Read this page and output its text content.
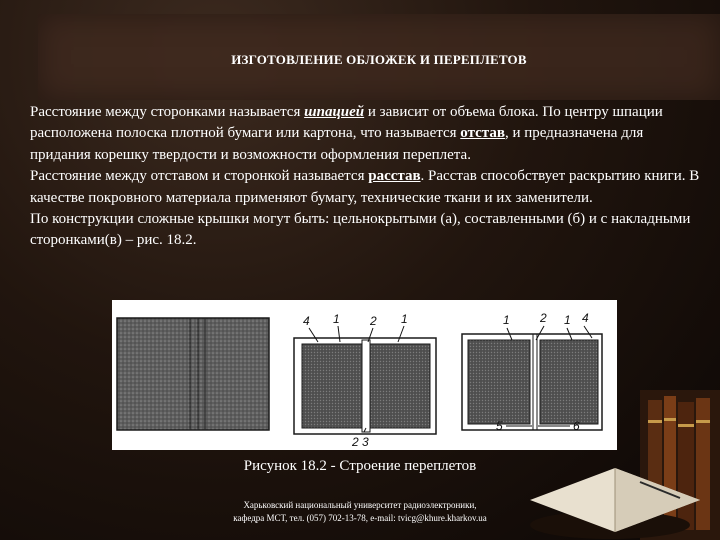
ИЗГОТОВЛЕНИЕ ОБЛОЖЕК И ПЕРЕПЛЕТОВ

Расстояние между сторонками называется шпацией и зависит от объема блока. По центру шпации расположена полоска плотной бумаги или картона, что называется отстав, и предназначена для придания корешку твердости и возможности оформления переплета.

Расстояние между отставом и сторонкой называется расстав. Расстав способствует раскрытию книги. В качестве покровного материала применяют бумагу, технические ткани и их заменители.

По конструкции сложные крышки могут быть: цельнокрытыми (а), составленными (б) и с накладными сторонками(в) – рис. 18.2.

4 1	2 1
2 3
1	2 1 4
5	6
Рисунок 18.2 - Строение переплетов
Харьковский национальный университет радиоэлектроники,
кафедра МСТ, тел. (057) 702-13-78, e-mail: tvicg@khure.kharkov.ua
